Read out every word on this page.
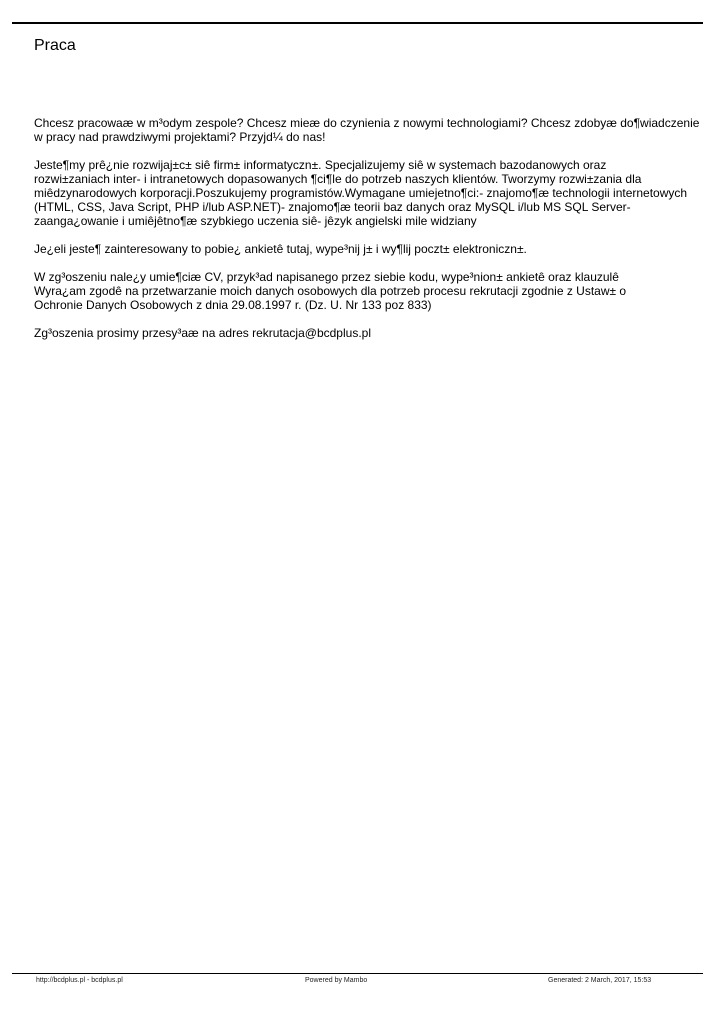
Praca

Chcesz pracowaæ w m³odym zespole? Chcesz mieæ do czynienia z nowymi technologiami? Chcesz zdobyæ do¶wiadczenie
w pracy nad prawdziwymi projektami? Przyjd¼ do nas!

Jeste¶my prê¿nie rozwijaj±c± siê firm± informatyczn±. Specjalizujemy siê w systemach bazodanowych oraz
rozwi±zaniach inter- i intranetowych dopasowanych ¶ci¶le do potrzeb naszych klientów. Tworzymy rozwi±zania dla
miêdzynarodowych korporacji.Poszukujemy programistów.Wymagane umiejetno¶ci:- znajomo¶æ technologii internetowych
(HTML, CSS, Java Script, PHP i/lub ASP.NET)- znajomo¶æ teorii baz danych oraz MySQL i/lub MS SQL Server-
zaanga¿owanie i umiêjêtno¶æ szybkiego uczenia siê- jêzyk angielski mile widziany

Je¿eli jeste¶ zainteresowany to pobie¿ ankietê tutaj, wype³nij j± i wy¶lij poczt± elektroniczn±.

W zg³oszeniu nale¿y umie¶ciæ CV, przyk³ad napisanego przez siebie kodu, wype³nion± ankietê oraz klauzulê
Wyra¿am zgodê na przetwarzanie moich danych osobowych dla potrzeb procesu rekrutacji zgodnie z Ustaw± o
Ochronie Danych Osobowych z dnia 29.08.1997 r. (Dz. U. Nr 133 poz 833)

Zg³oszenia prosimy przesy³aæ na adres rekrutacja@bcdplus.pl

http://bcdplus.pl - bcdplus.pl	Powered by Mambo	Generated: 2 March, 2017, 15:53
